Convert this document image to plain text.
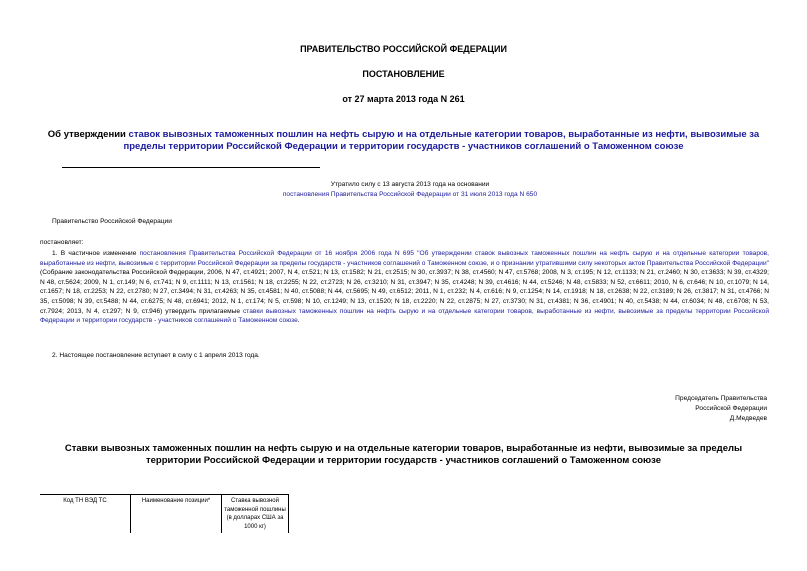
ПРАВИТЕЛЬСТВО РОССИЙСКОЙ ФЕДЕРАЦИИ
ПОСТАНОВЛЕНИЕ
от 27 марта 2013 года N 261
Об утверждении ставок вывозных таможенных пошлин на нефть сырую и на отдельные категории товаров, выработанные из нефти, вывозимые за пределы территории Российской Федерации и территории государств - участников соглашений о Таможенном союзе
Утратило силу с 13 августа 2013 года на основании
постановления Правительства Российской Федерации от 31 июля 2013 года N 650
Правительство Российской Федерации
постановляет:
1. В частичное изменение постановления Правительства Российской Федерации от 16 ноября 2006 года N 695 "Об утверждении ставок вывозных таможенных пошлин на нефть сырую и на отдельные категории товаров, выработанные из нефти, вывозимые с территории Российской Федерации за пределы государств - участников соглашений о Таможенном союзе, и о признании утратившими силу некоторых актов Правительства Российской Федерации" (Собрание законодательства Российской Федерации, 2006, N 47, ст.4921; 2007, N 4, ст.521; N 13, ст.1582; N 21, ст.2515; N 30, ст.3937; N 38, ст.4560; N 47, ст.5768; 2008, N 3, ст.195; N 12, ст.1133; N 21, ст.2460; N 30, ст.3633; N 39, ст.4329; N 48, ст.5624; 2009, N 1, ст.149; N 6, ст.741; N 9, ст.1111; N 13, ст.1561; N 18, ст.2255; N 22, ст.2723; N 26, ст.3210; N 31, ст.3947; N 35, ст.4248; N 39, ст.4616; N 44, ст.5246; N 48, ст.5833; N 52, ст.6611; 2010, N 6, ст.646; N 10, ст.1079; N 14, ст.1657; N 18, ст.2253; N 22, ст.2780; N 27, ст.3494; N 31, ст.4263; N 35, ст.4581; N 40, ст.5088; N 44, ст.5695; N 49, ст.6512; 2011, N 1, ст.232; N 4, ст.616; N 9, ст.1254; N 14, ст.1918; N 18, ст.2638; N 22, ст.3189; N 26, ст.3817; N 31, ст.4766; N 35, ст.5098; N 39, ст.5488; N 44, ст.6275; N 48, ст.6941; 2012, N 1, ст.174; N 5, ст.598; N 10, ст.1249; N 13, ст.1520; N 18, ст.2220; N 22, ст.2875; N 27, ст.3730; N 31, ст.4381; N 36, ст.4901; N 40, ст.5438; N 44, ст.6034; N 48, ст.6708; N 53, ст.7924; 2013, N 4, ст.297; N 9, ст.946) утвердить прилагаемые ставки вывозных таможенных пошлин на нефть сырую и на отдельные категории товаров, выработанные из нефти, вывозимые за пределы территории Российской Федерации и территории государств - участников соглашений о Таможенном союзе.
2. Настоящее постановление вступает в силу с 1 апреля 2013 года.
Председатель Правительства
Российской Федерации
Д.Медведев
Ставки вывозных таможенных пошлин на нефть сырую и на отдельные категории товаров, выработанные из нефти, вывозимые за пределы территории Российской Федерации и территории государств - участников соглашений о Таможенном союзе
Код ТН ВЭД ТС	Наименование позиции*	Ставка вывозной таможенной пошлины (в долларах США за 1000 кг)	
